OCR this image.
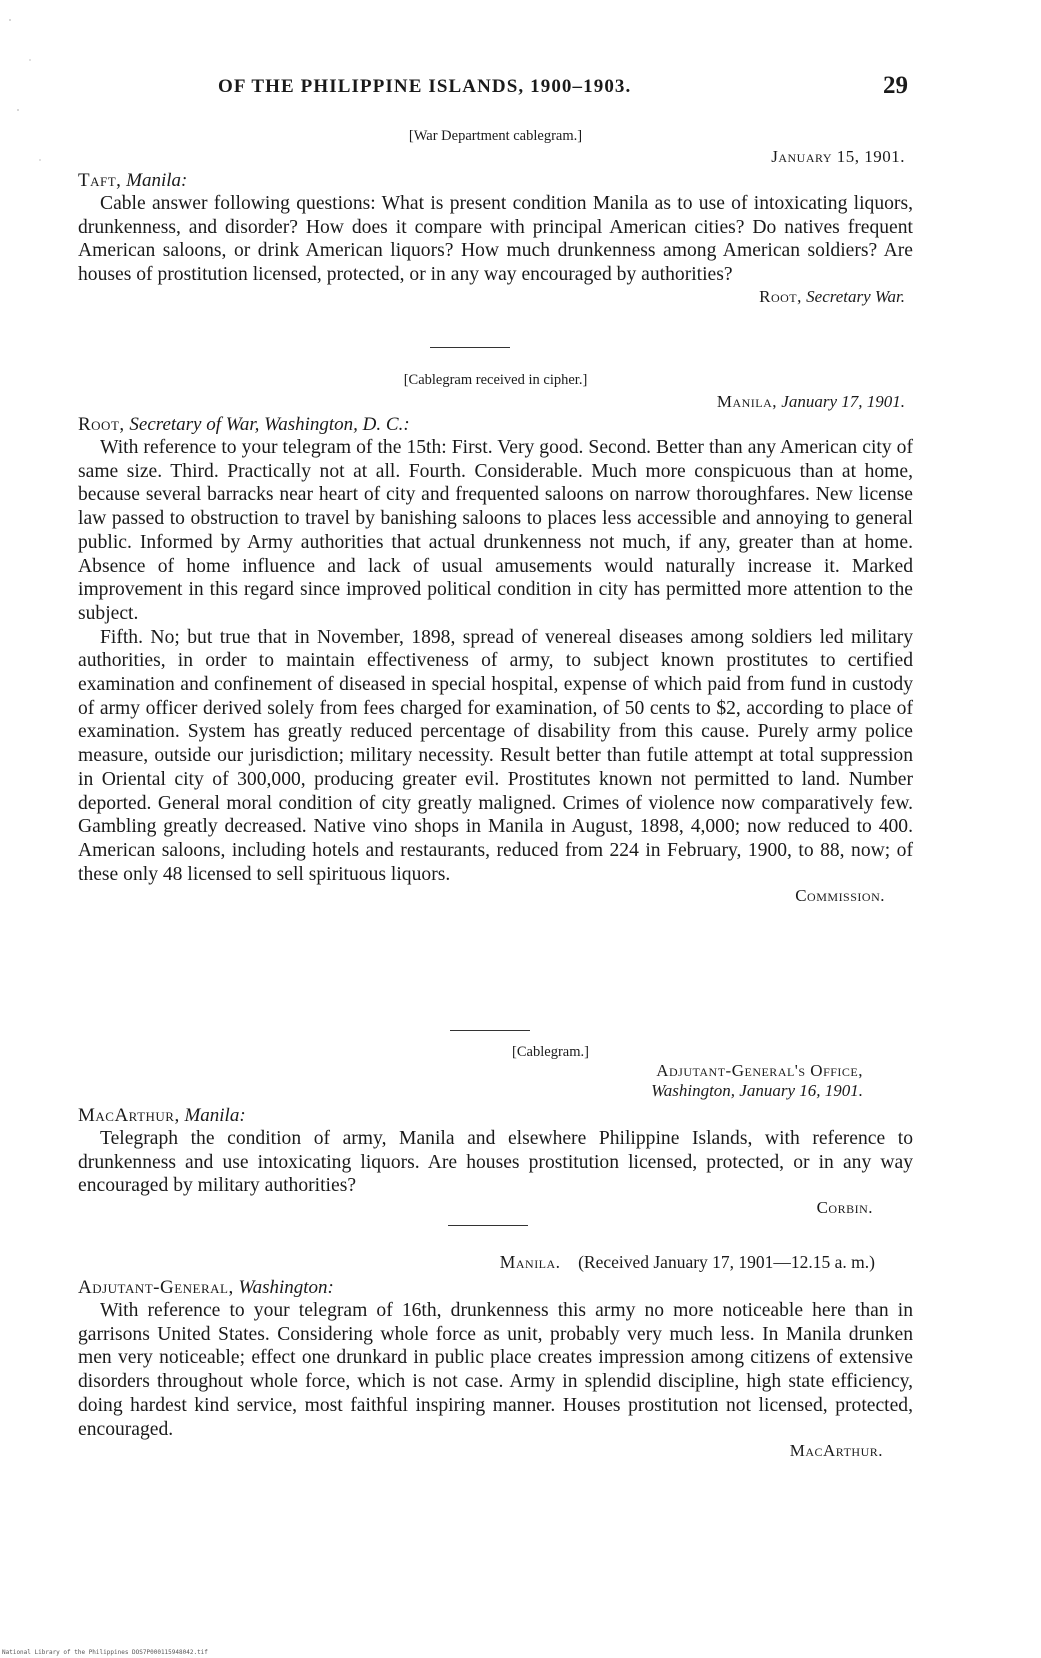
OF THE PHILIPPINE ISLANDS, 1900–1903.	29
[War Department cablegram.]
January 15, 1901.
Taft, Manila:

Cable answer following questions: What is present condition Manila as to use of intoxicating liquors, drunkenness, and disorder? How does it compare with principal American cities? Do natives frequent American saloons, or drink American liquors? How much drunkenness among American soldiers? Are houses of prostitution licensed, protected, or in any way encouraged by authorities?

Root, Secretary War.
[Cablegram received in cipher.]
Manila, January 17, 1901.
Root, Secretary of War, Washington, D. C.:

With reference to your telegram of the 15th: First. Very good. Second. Better than any American city of same size. Third. Practically not at all. Fourth. Considerable. Much more conspicuous than at home, because several barracks near heart of city and frequented saloons on narrow thoroughfares. New license law passed to obstruction to travel by banishing saloons to places less accessible and annoying to general public. Informed by Army authorities that actual drunkenness not much, if any, greater than at home. Absence of home influence and lack of usual amusements would naturally increase it. Marked improvement in this regard since improved political condition in city has permitted more attention to the subject.

Fifth. No; but true that in November, 1898, spread of venereal diseases among soldiers led military authorities, in order to maintain effectiveness of army, to subject known prostitutes to certified examination and confinement of diseased in special hospital, expense of which paid from fund in custody of army officer derived solely from fees charged for examination, of 50 cents to $2, according to place of examination. System has greatly reduced percentage of disability from this cause. Purely army police measure, outside our jurisdiction; military necessity. Result better than futile attempt at total suppression in Oriental city of 300,000, producing greater evil. Prostitutes known not permitted to land. Number deported. General moral condition of city greatly maligned. Crimes of violence now comparatively few. Gambling greatly decreased. Native vino shops in Manila in August, 1898, 4,000; now reduced to 400. American saloons, including hotels and restaurants, reduced from 224 in February, 1900, to 88, now; of these only 48 licensed to sell spirituous liquors.

Commission.
[Cablegram.]
Adjutant-General's Office,
Washington, January 16, 1901.
MacArthur, Manila:

Telegraph the condition of army, Manila and elsewhere Philippine Islands, with reference to drunkenness and use intoxicating liquors. Are houses prostitution licensed, protected, or in any way encouraged by military authorities?

Corbin.
Manila. (Received January 17, 1901—12.15 a. m.)
Adjutant-General, Washington:

With reference to your telegram of 16th, drunkenness this army no more noticeable here than in garrisons United States. Considering whole force as unit, probably very much less. In Manila drunken men very noticeable; effect one drunkard in public place creates impression among citizens of extensive disorders throughout whole force, which is not case. Army in splendid discipline, high state efficiency, doing hardest kind service, most faithful inspiring manner. Houses prostitution not licensed, protected, encouraged.

MacArthur.
National Library of the Philippines DOS7P000115948042.tif
